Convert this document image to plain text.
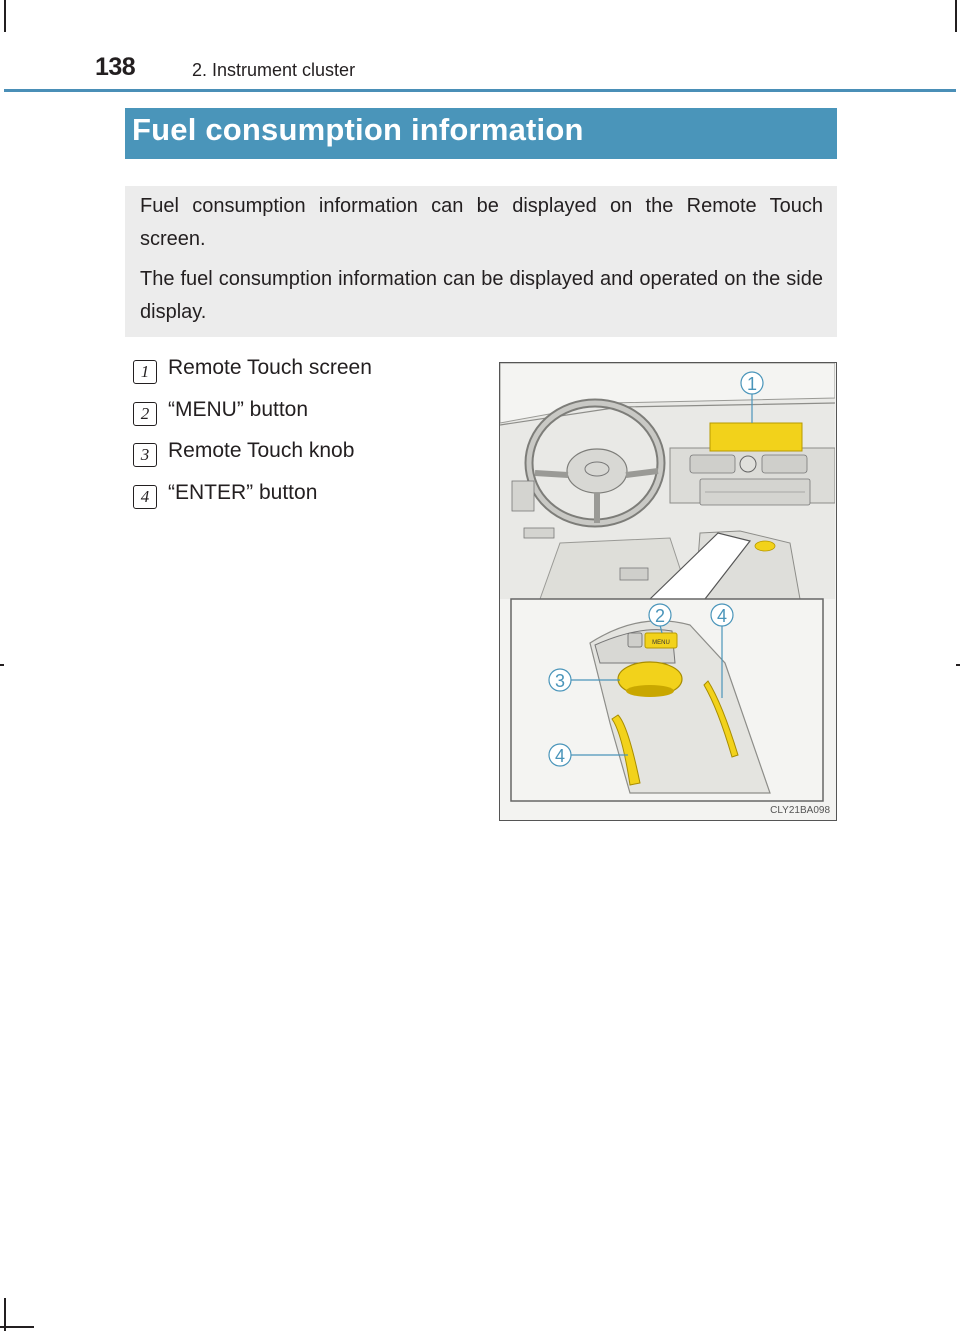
138	2. Instrument cluster
Fuel consumption information

Fuel consumption information can be displayed on the Remote Touch screen.

The fuel consumption information can be displayed and operated on the side display.

1 Remote Touch screen
2 “MENU” button
3 Remote Touch knob
4 “ENTER” button
MENU
1
2	4
3
4
CLY21BA098
